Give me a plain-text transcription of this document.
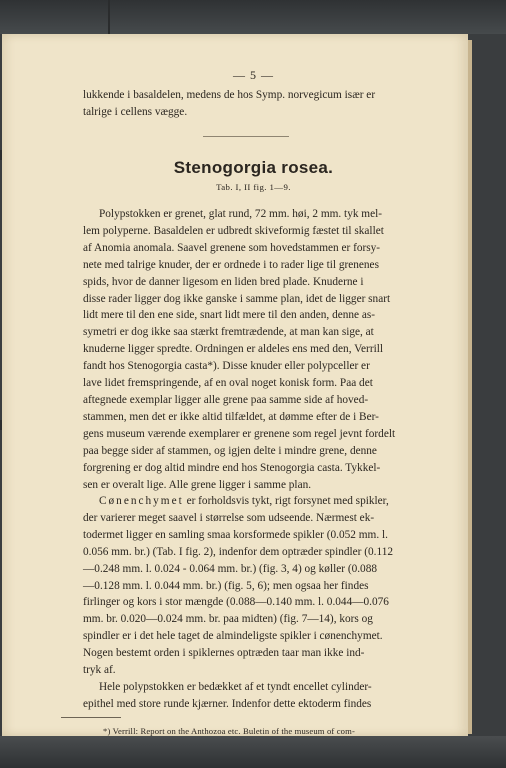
— 5 —
lukkende i basaldelen, medens de hos Symp. norvegicum især er
talrige i cellens vægge.
Stenogorgia rosea.
Tab. I, II fig. 1—9.
Polypstokken er grenet, glat rund, 72 mm. høi, 2 mm. tyk mel-
lem polyperne. Basaldelen er udbredt skiveformig fæstet til skallet
af Anomia anomala. Saavel grenene som hovedstammen er forsy-
nete med talrige knuder, der er ordnede i to rader lige til grenenes
spids, hvor de danner ligesom en liden bred plade. Knuderne i
disse rader ligger dog ikke ganske i samme plan, idet de ligger snart
lidt mere til den ene side, snart lidt mere til den anden, denne as-
symetri er dog ikke saa stærkt fremtrædende, at man kan sige, at
knuderne ligger spredte. Ordningen er aldeles ens med den, Verrill
fandt hos Stenogorgia casta*). Disse knuder eller polypceller er
lave lidet fremspringende, af en oval noget konisk form. Paa det
aftegnede exemplar ligger alle grene paa samme side af hoved-
stammen, men det er ikke altid tilfældet, at dømme efter de i Ber-
gens museum værende exemplarer er grenene som regel jevnt fordelt
paa begge sider af stammen, og igjen delte i mindre grene, denne
forgrening er dog altid mindre end hos Stenogorgia casta. Tykkel-
sen er overalt lige. Alle grene ligger i samme plan.
Cønenchymet er forholdsvis tykt, rigt forsynet med spikler,
der varierer meget saavel i størrelse som udseende. Nærmest ek-
todermet ligger en samling smaa korsformede spikler (0.052 mm. l.
0.056 mm. br.) (Tab. I fig. 2), indenfor dem optræder spindler (0.112
—0.248 mm. l. 0.024 - 0.064 mm. br.) (fig. 3, 4) og køller (0.088
—0.128 mm. l. 0.044 mm. br.) (fig. 5, 6); men ogsaa her findes
firlinger og kors i stor mængde (0.088—0.140 mm. l. 0.044—0.076
mm. br. 0.020—0.024 mm. br. paa midten) (fig. 7—14), kors og
spindler er i det hele taget de almindeligste spikler i cønenchymet.
Nogen bestemt orden i spiklernes optræden taar man ikke ind-
tryk af.
Hele polypstokken er bedækket af et tyndt encellet cylinder-
epithel med store runde kjærner. Indenfor dette ektoderm findes
*) Verrill: Report on the Anthozoa etc. Buletin of the museum of com-
